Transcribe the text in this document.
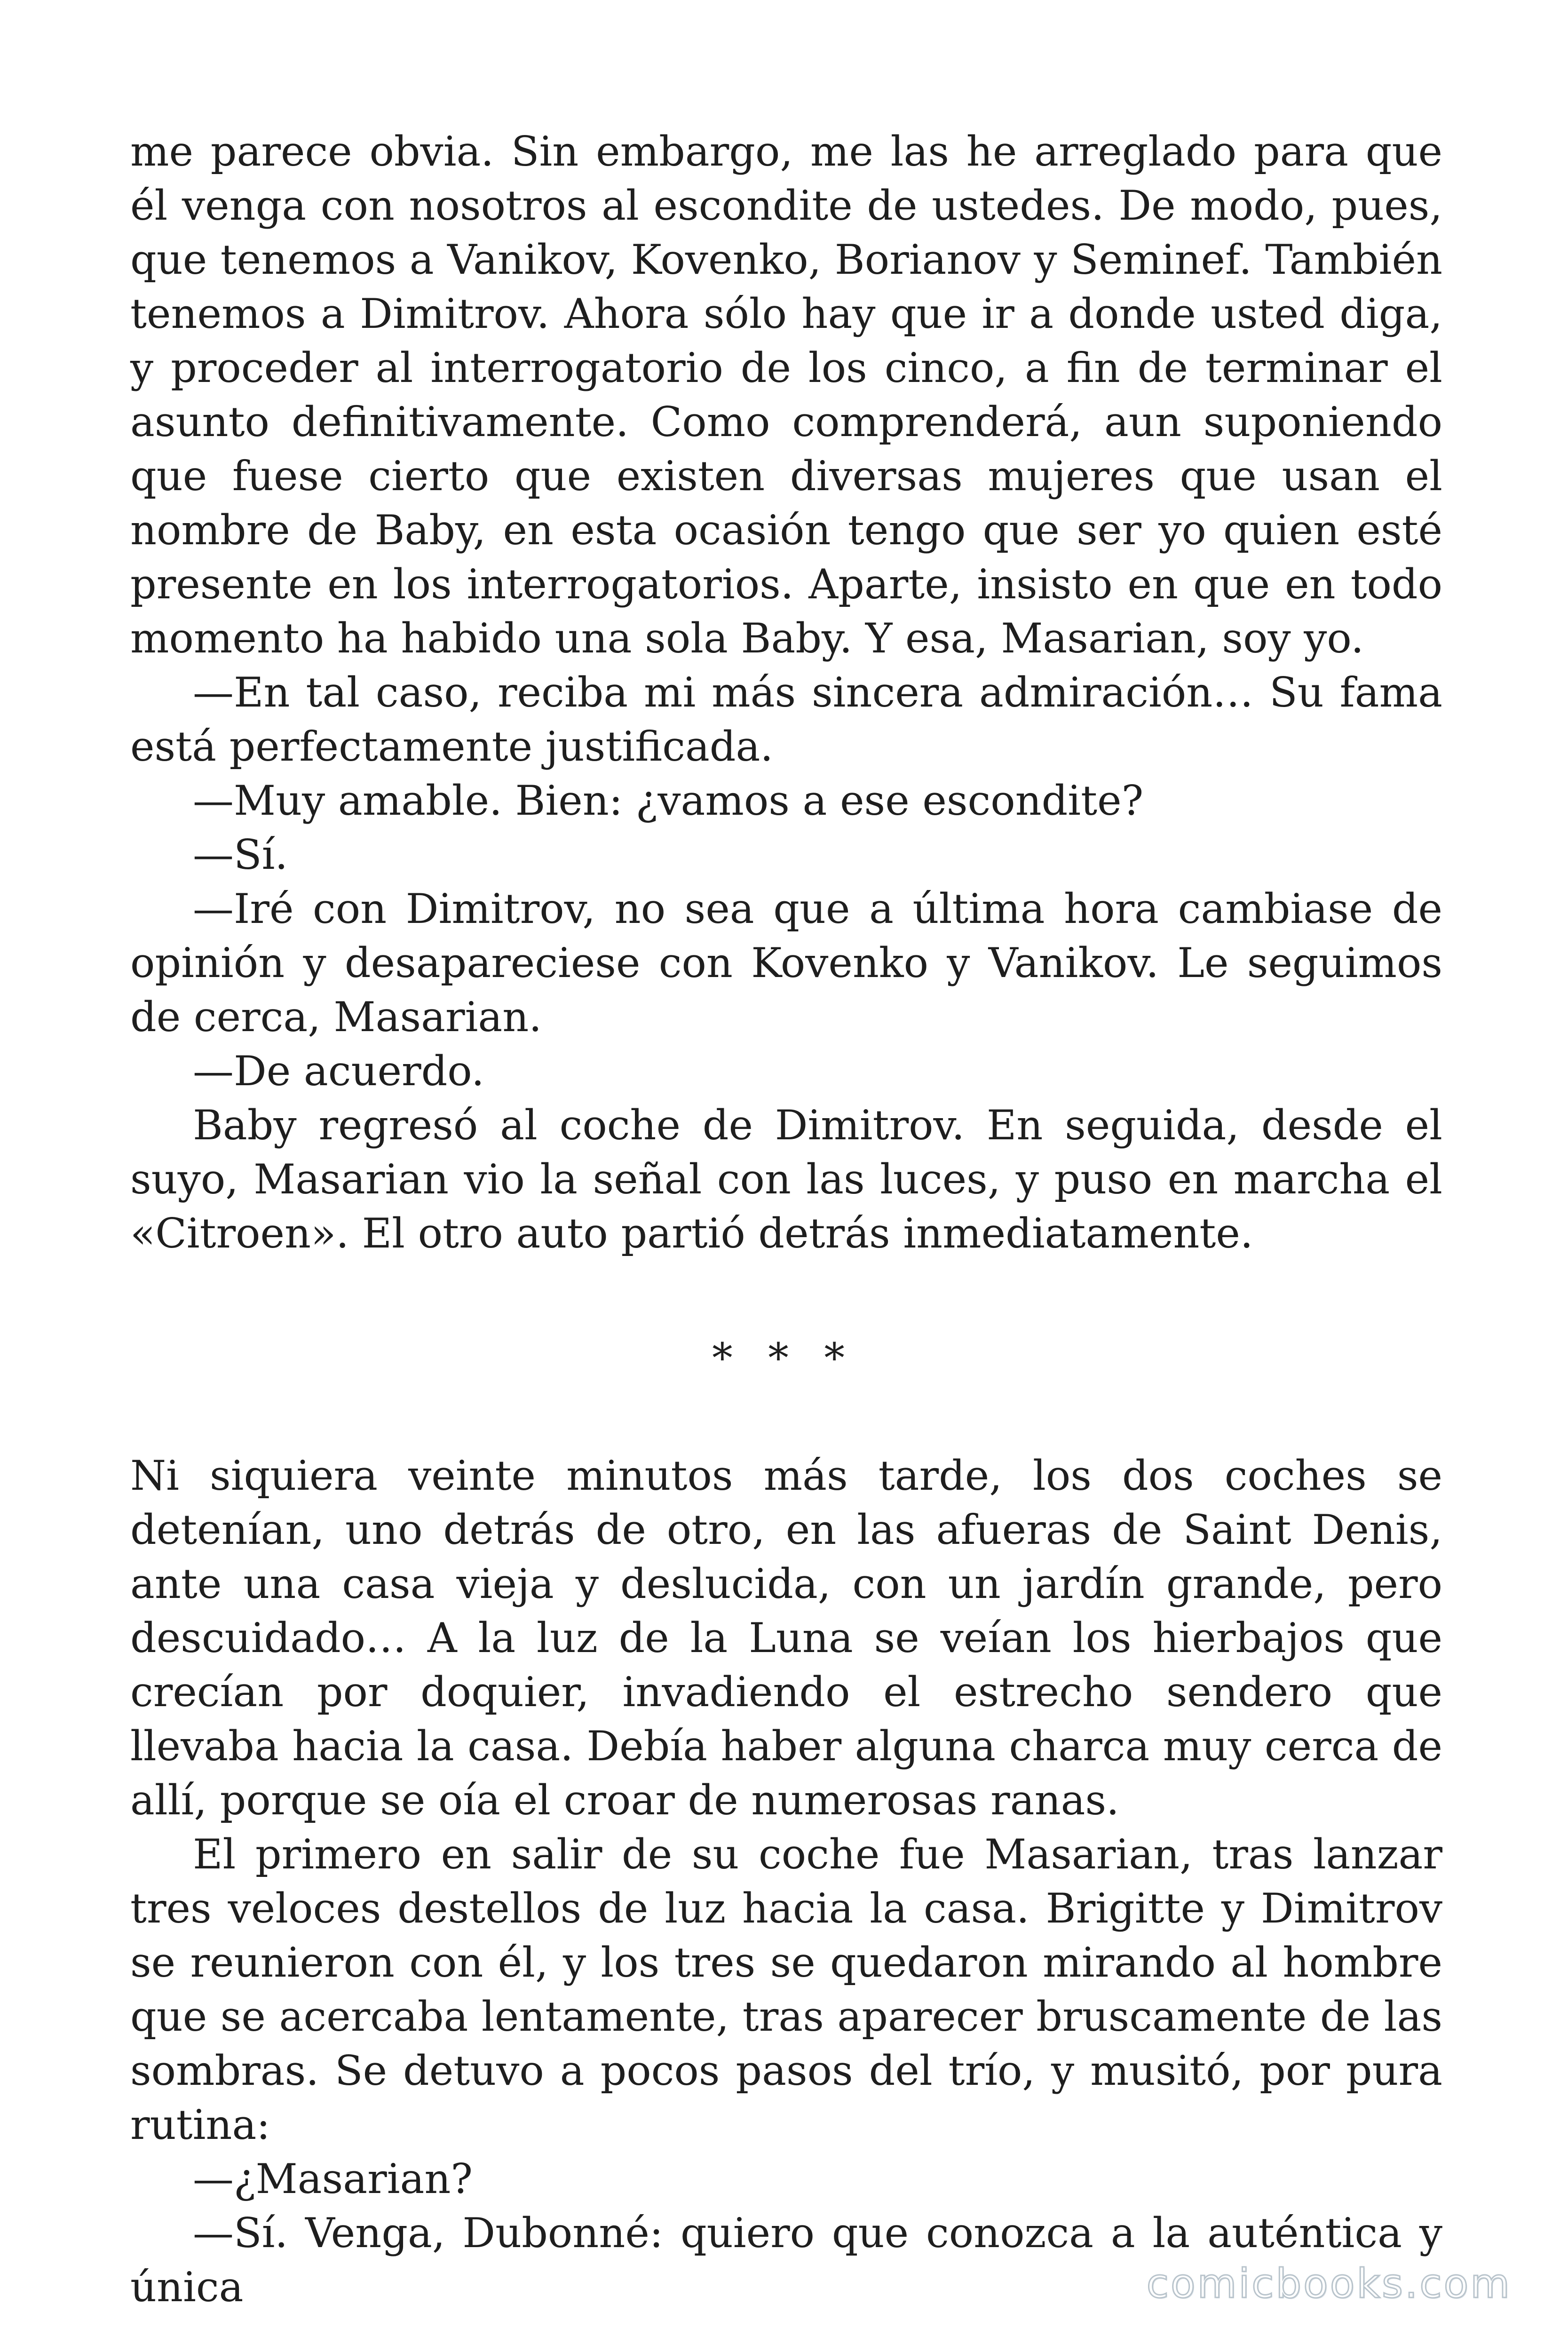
me parece obvia. Sin embargo, me las he arreglado para que él venga con nosotros al escondite de ustedes. De modo, pues, que tenemos a Vanikov, Kovenko, Borianov y Seminef. También tenemos a Dimitrov. Ahora sólo hay que ir a donde usted diga, y proceder al interrogatorio de los cinco, a fin de terminar el asunto definitivamente. Como comprenderá, aun suponiendo que fuese cierto que existen diversas mujeres que usan el nombre de Baby, en esta ocasión tengo que ser yo quien esté presente en los interrogatorios. Aparte, insisto en que en todo momento ha habido una sola Baby. Y esa, Masarian, soy yo.

—En tal caso, reciba mi más sincera admiración… Su fama está perfectamente justificada.

—Muy amable. Bien: ¿vamos a ese escondite?

—Sí.

—Iré con Dimitrov, no sea que a última hora cambiase de opinión y desapareciese con Kovenko y Vanikov. Le seguimos de cerca, Masarian.

—De acuerdo.

Baby regresó al coche de Dimitrov. En seguida, desde el suyo, Masarian vio la señal con las luces, y puso en marcha el «Citroen». El otro auto partió detrás inmediatamente.

* * *

Ni siquiera veinte minutos más tarde, los dos coches se detenían, uno detrás de otro, en las afueras de Saint Denis, ante una casa vieja y deslucida, con un jardín grande, pero descuidado… A la luz de la Luna se veían los hierbajos que crecían por doquier, invadiendo el estrecho sendero que llevaba hacia la casa. Debía haber alguna charca muy cerca de allí, porque se oía el croar de numerosas ranas.

El primero en salir de su coche fue Masarian, tras lanzar tres veloces destellos de luz hacia la casa. Brigitte y Dimitrov se reunieron con él, y los tres se quedaron mirando al hombre que se acercaba lentamente, tras aparecer bruscamente de las sombras. Se detuvo a pocos pasos del trío, y musitó, por pura rutina:

—¿Masarian?

—Sí. Venga, Dubonné: quiero que conozca a la auténtica y única	comicbooks.com
